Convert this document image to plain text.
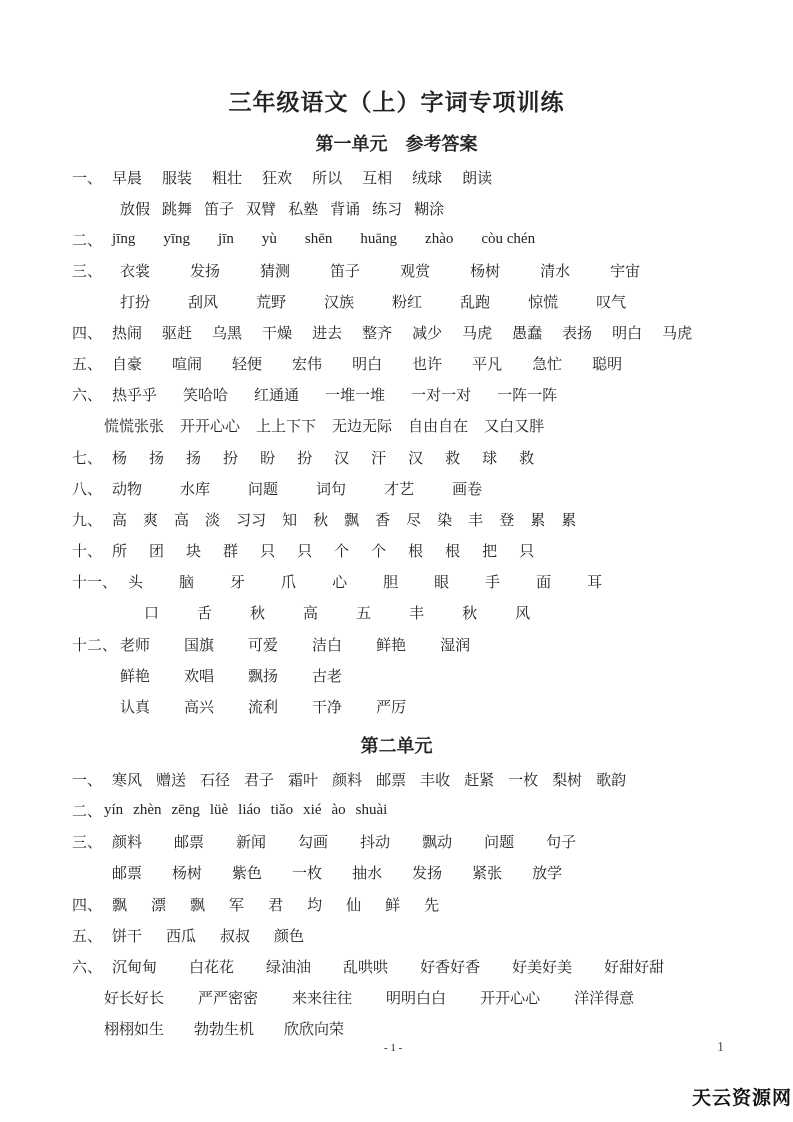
三年级语文（上）字词专项训练
第一单元　参考答案
一、 早晨 服装 粗壮 狂欢 所以 互相 绒球 朗读
放假 跳舞 笛子 双臂 私塾 背诵 练习 糊涂
二、 jīng yīng jīn yù shēn huāng zhào còu chén
三、	衣裳	发扬	猜测	笛子	观赏	杨树	清水	宇宙
打扮	刮风	荒野	汉族	粉红	乱跑	惊慌	叹气
四、 热闹 驱赶 乌黑 干燥 进去 整齐 减少 马虎 愚蠢 表扬 明白 马虎
五、 自豪 喧闹 轻便 宏伟 明白 也许 平凡 急忙 聪明
六、 热乎乎 笑哈哈 红通通 一堆一堆 一对一对 一阵一阵
慌慌张张 开开心心 上上下下 无边无际 自由自在 又白又胖
七、 杨 扬 扬 扮 盼 扮 汉 汗 汉 救 球 救
八、 动物	水库	问题	词句	才艺	画卷
九、 高 爽 高 淡 习习 知 秋 飘 香 尽 染 丰 登 累 累
十、 所 团 块 群 只 只 个 个 根 根 把 只
十一、 头 脑 牙 爪 心 胆 眼 手 面 耳
口	舌	秋	高	五	丰	秋	风
十二、 老师 国旗 可爱 洁白 鲜艳 湿润
鲜艳 欢唱 飘扬 古老
认真 高兴 流利 干净 严厉
第二单元
一、 寒风 赠送 石径 君子 霜叶 颜料 邮票 丰收 赶紧 一枚 梨树 歌韵
二、 yín zhèn zēng lüè liáo tiǎo xié ào shuài
三、 颜料 邮票 新闻 勾画 抖动 飘动 问题 句子
邮票 杨树 紫色 一枚 抽水 发扬 紧张 放学
四、 飘 漂 飘 军 君 均 仙 鲜 先
五、 饼干 西瓜 叔叔 颜色
六、 沉甸甸 白花花 绿油油 乱哄哄 好香好香 好美好美 好甜好甜
好长好长 严严密密 来来往往 明明白白 开开心心 洋洋得意
栩栩如生 勃勃生机 欣欣向荣
- 1 -	1
天云资源网
